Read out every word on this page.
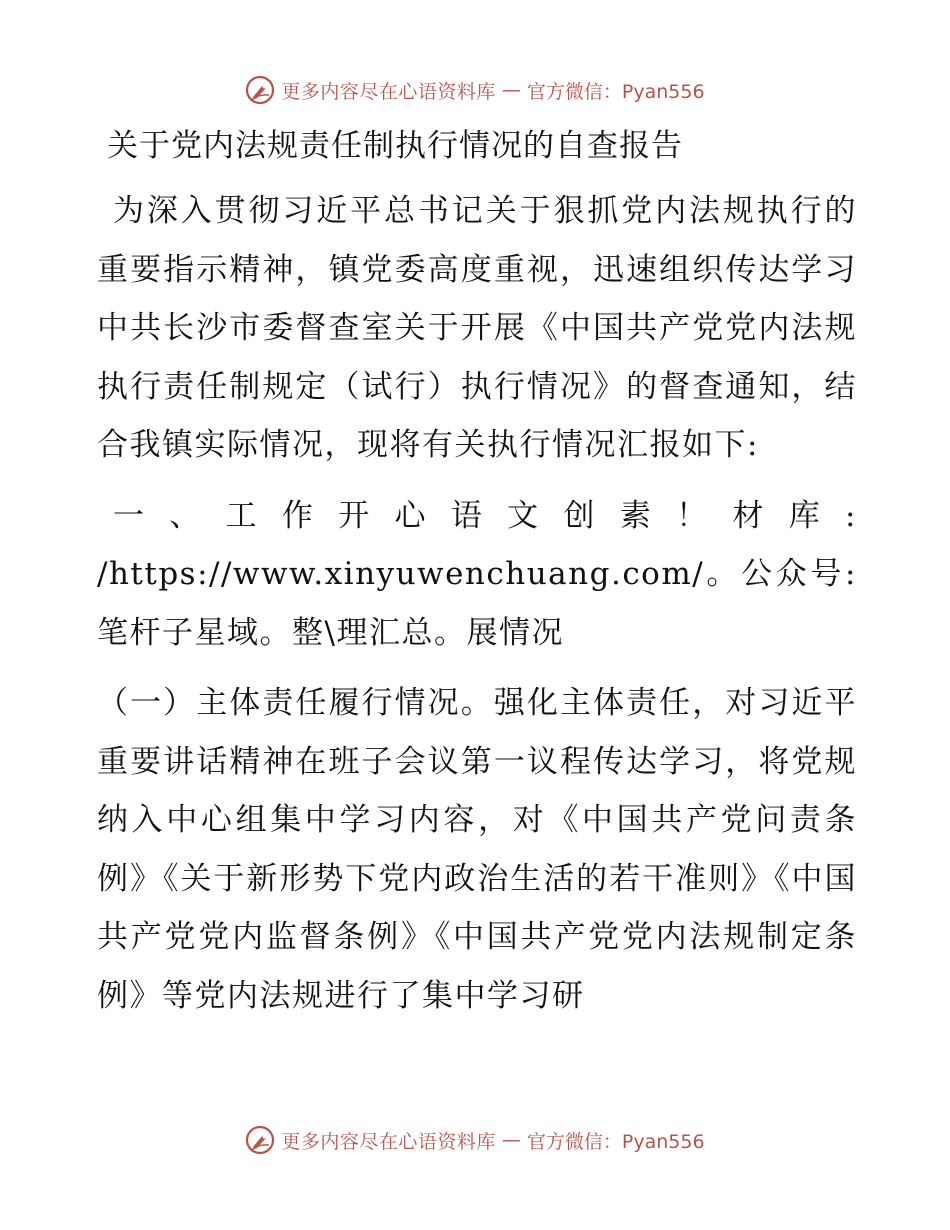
更多内容尽在心语资料库 — 官方微信：Pyan556
关于党内法规责任制执行情况的自查报告

为深入贯彻习近平总书记关于狠抓党内法规执行的重要指示精神，镇党委高度重视，迅速组织传达学习中共长沙市委督查室关于开展《中国共产党党内法规执行责任制规定（试行）执行情况》的督查通知，结合我镇实际情况，现将有关执行情况汇报如下:

一、工作开心语文创素！材库: /https://www.xinyuwenchuang.com/。公众号: 笔杆子星域。整\理汇总。展情况

（一）主体责任履行情况。强化主体责任，对习近平重要讲话精神在班子会议第一议程传达学习，将党规纳入中心组集中学习内容，对《中国共产党问责条例》《关于新形势下党内政治生活的若干准则》《中国共产党党内监督条例》《中国共产党党内法规制定条例》等党内法规进行了集中学习研

更多内容尽在心语资料库 — 官方微信：Pyan556
